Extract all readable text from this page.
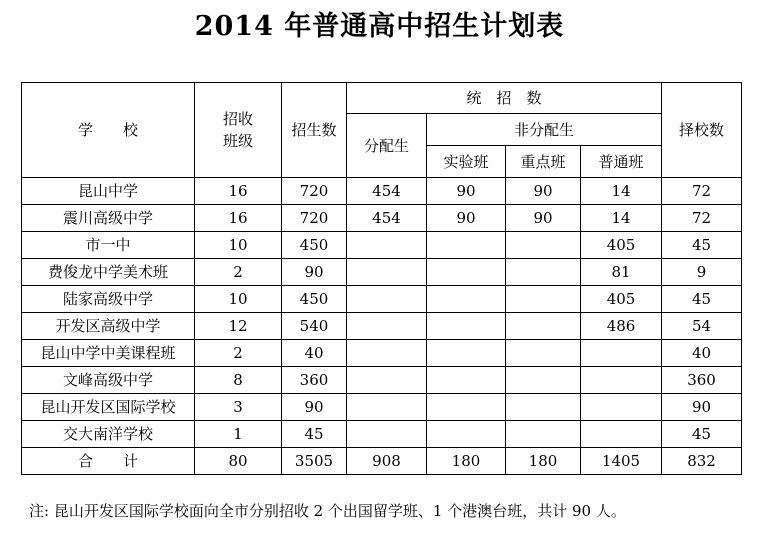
2014 年普通高中招生计划表
学　　校	招收班级	招生数	统　招　数				择校数
			分配生	非分配生			
				实验班	重点班	普通班	
昆山中学	16	720	454	90	90	14	72
震川高级中学	16	720	454	90	90	14	72
市一中	10	450				405	45
费俊龙中学美术班	2	90				81	9
陆家高级中学	10	450				405	45
开发区高级中学	12	540				486	54
昆山中学中美课程班	2	40					40
文峰高级中学	8	360					360
昆山开发区国际学校	3	90					90
交大南洋学校	1	45					45
合　　计	80	3505	908	180	180	1405	832
注: 昆山开发区国际学校面向全市分别招收 2 个出国留学班、1 个港澳台班，共计 90 人。
